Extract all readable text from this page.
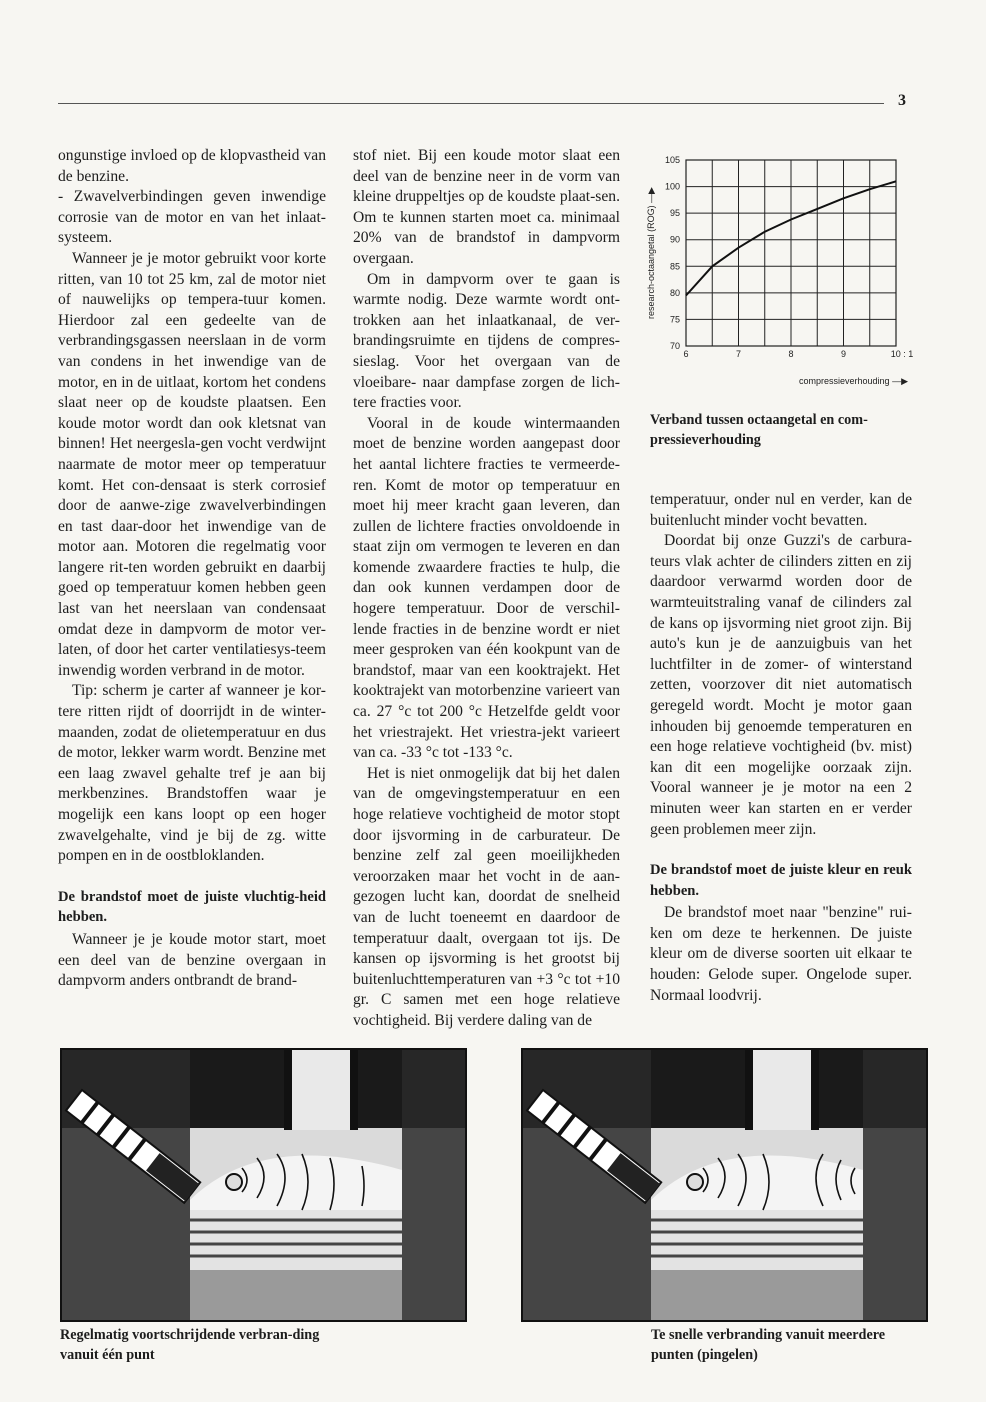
3

ongunstige invloed op de klopvastheid van de benzine.

- Zwavelverbindingen geven inwendige corrosie van de motor en van het inlaat-systeem.

Wanneer je je motor gebruikt voor korte ritten, van 10 tot 25 km, zal de motor niet of nauwelijks op tempera-tuur komen. Hierdoor zal een gedeelte van de verbrandingsgassen neerslaan in de vorm van condens in het inwendige van de motor, en in de uitlaat, kortom het condens slaat neer op de koudste plaatsen. Een koude motor wordt dan ook kletsnat van binnen! Het neergesla-gen vocht verdwijnt naarmate de motor meer op temperatuur komt. Het con-densaat is sterk corrosief door de aanwe-zige zwavelverbindingen en tast daar-door het inwendige van de motor aan. Motoren die regelmatig voor langere rit-ten worden gebruikt en daarbij goed op temperatuur komen hebben geen last van het neerslaan van condensaat omdat deze in dampvorm de motor ver-laten, of door het carter ventilatiesys-teem inwendig worden verbrand in de motor.

Tip: scherm je carter af wanneer je kor-tere ritten rijdt of doorrijdt in de winter-maanden, zodat de olietemperatuur en dus de motor, lekker warm wordt. Benzine met een laag zwavel gehalte tref je aan bij merkbenzines. Brandstoffen waar je mogelijk een kans loopt op een hoger zwavelgehalte, vind je bij de zg. witte pompen en in de oostbloklanden.

De brandstof moet de juiste vluchtig-heid hebben.

Wanneer je je koude motor start, moet een deel van de benzine overgaan in dampvorm anders ontbrandt de brand-

stof niet. Bij een koude motor slaat een deel van de benzine neer in de vorm van kleine druppeltjes op de koudste plaat-sen. Om te kunnen starten moet ca. minimaal 20% van de brandstof in dampvorm overgaan.

Om in dampvorm over te gaan is warmte nodig. Deze warmte wordt ont-trokken aan het inlaatkanaal, de ver-brandingsruimte en tijdens de compres-sieslag. Voor het overgaan van de vloeibare- naar dampfase zorgen de lich-tere fracties voor.

Vooral in de koude wintermaanden moet de benzine worden aangepast door het aantal lichtere fracties te vermeerde-ren. Komt de motor op temperatuur en moet hij meer kracht gaan leveren, dan zullen de lichtere fracties onvoldoende in staat zijn om vermogen te leveren en dan komende zwaardere fracties te hulp, die dan ook kunnen verdampen door de hogere temperatuur. Door de verschil-lende fracties in de benzine wordt er niet meer gesproken van één kookpunt van de brandstof, maar van een kooktrajekt. Het kooktrajekt van motorbenzine varieert van ca. 27 °c tot 200 °c Hetzelfde geldt voor het vriestrajekt. Het vriestra-jekt varieert van ca. -33 °c tot -133 °c.

Het is niet onmogelijk dat bij het dalen van de omgevingstemperatuur en een hoge relatieve vochtigheid de motor stopt door ijsvorming in de carburateur. De benzine zelf zal geen moeilijkheden veroorzaken maar het vocht in de aan-gezogen lucht kan, doordat de snelheid van de lucht toeneemt en daardoor de temperatuur daalt, overgaan tot ijs. De kansen op ijsvorming is het grootst bij buitenluchttemperaturen van +3 °c tot +10 gr. C samen met een hoge relatieve vochtigheid. Bij verdere daling van de

temperatuur, onder nul en verder, kan de buitenlucht minder vocht bevatten.

Doordat bij onze Guzzi's de carbura-teurs vlak achter de cilinders zitten en zij daardoor verwarmd worden door de warmteuitstraling vanaf de cilinders zal de kans op ijsvorming niet groot zijn. Bij auto's kun je de aanzuigbuis van het luchtfilter in de zomer- of winterstand zetten, voorzover dit niet automatisch geregeld wordt. Mocht je motor gaan inhouden bij genoemde temperaturen en een hoge relatieve vochtigheid (bv. mist) kan dit een mogelijke oorzaak zijn. Vooral wanneer je je motor na een 2 minuten weer kan starten en er verder geen problemen meer zijn.

De brandstof moet de juiste kleur en reuk hebben.

De brandstof moet naar "benzine" rui-ken om deze te herkennen. De juiste kleur om de diverse soorten uit elkaar te houden: Gelode super. Ongelode super. Normaal loodvrij.

70
75
80
85
90
95
100
105
6	7	8	9	10 : 1
research-octaangetal (ROG) —▶
compressieverhouding —▶
Verband tussen octaangetal en com-pressieverhouding
Regelmatig voortschrijdende verbran-ding vanuit één punt
Te snelle verbranding vanuit meerdere punten (pingelen)
